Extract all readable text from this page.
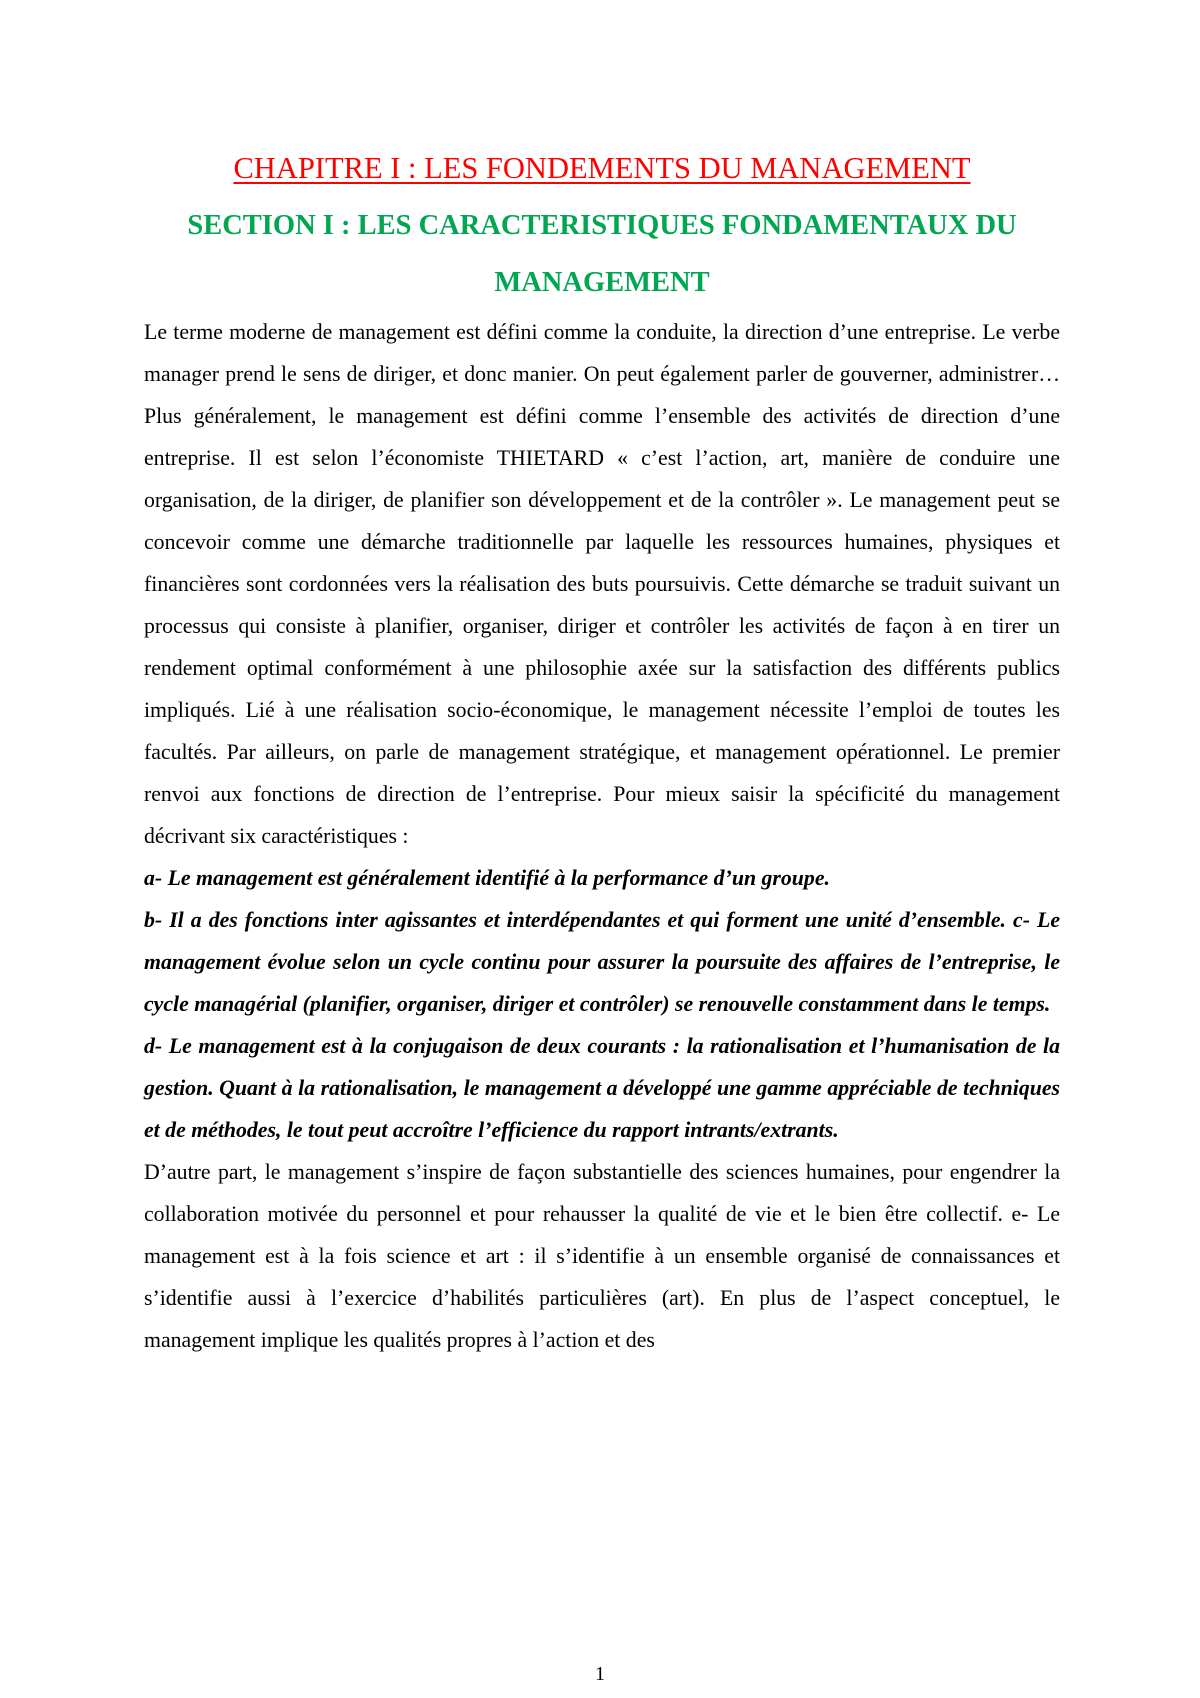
CHAPITRE I : LES FONDEMENTS DU MANAGEMENT
SECTION I : LES CARACTERISTIQUES FONDAMENTAUX DU MANAGEMENT

Le terme moderne de management est défini comme la conduite, la direction d’une entreprise. Le verbe manager prend le sens de diriger, et donc manier. On peut également parler de gouverner, administrer… Plus généralement, le management est défini comme l’ensemble des activités de direction d’une entreprise. Il est selon l’économiste THIETARD « c’est l’action, art, manière de conduire une organisation, de la diriger, de planifier son développement et de la contrôler ». Le management peut se concevoir comme une démarche traditionnelle par laquelle les ressources humaines, physiques et financières sont cordonnées vers la réalisation des buts poursuivis. Cette démarche se traduit suivant un processus qui consiste à planifier, organiser, diriger et contrôler les activités de façon à en tirer un rendement optimal conformément à une philosophie axée sur la satisfaction des différents publics impliqués. Lié à une réalisation socio-économique, le management nécessite l’emploi de toutes les facultés. Par ailleurs, on parle de management stratégique, et management opérationnel. Le premier renvoi aux fonctions de direction de l’entreprise. Pour mieux saisir la spécificité du management décrivant six caractéristiques :

a- Le management est généralement identifié à la performance d’un groupe.

b- Il a des fonctions inter agissantes et interdépendantes et qui forment une unité d’ensemble. c- Le management évolue selon un cycle continu pour assurer la poursuite des affaires de l’entreprise, le cycle managérial (planifier, organiser, diriger et contrôler) se renouvelle constamment dans le temps.

d- Le management est à la conjugaison de deux courants : la rationalisation et l’humanisation de la gestion. Quant à la rationalisation, le management a développé une gamme appréciable de techniques et de méthodes, le tout peut accroître l’efficience du rapport intrants/extrants.

D’autre part, le management s’inspire de façon substantielle des sciences humaines, pour engendrer la collaboration motivée du personnel et pour rehausser la qualité de vie et le bien être collectif. e- Le management est à la fois science et art : il s’identifie à un ensemble organisé de connaissances et s’identifie aussi à l’exercice d’habilités particulières (art). En plus de l’aspect conceptuel, le management implique les qualités propres à l’action et des

1
